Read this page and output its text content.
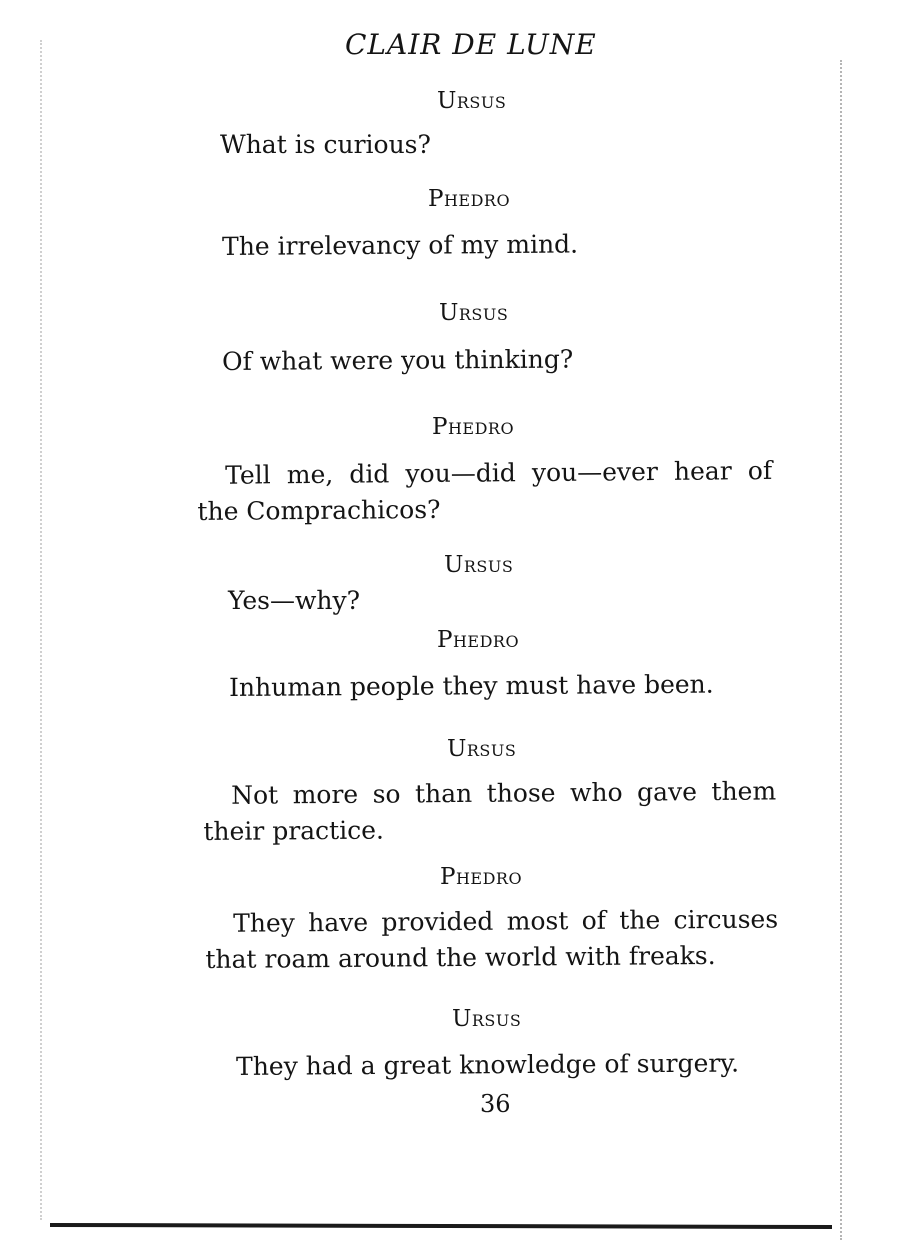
CLAIR DE LUNE
Ursus
What is curious?
Phedro
The irrelevancy of my mind.
Ursus
Of what were you thinking?
Phedro
Tell me, did you—did you—ever hear of
the Comprachicos?
Ursus
Yes—why?
Phedro
Inhuman people they must have been.
Ursus
Not more so than those who gave them
their practice.
Phedro
They have provided most of the circuses
that roam around the world with freaks.
Ursus
They had a great knowledge of surgery.
36
